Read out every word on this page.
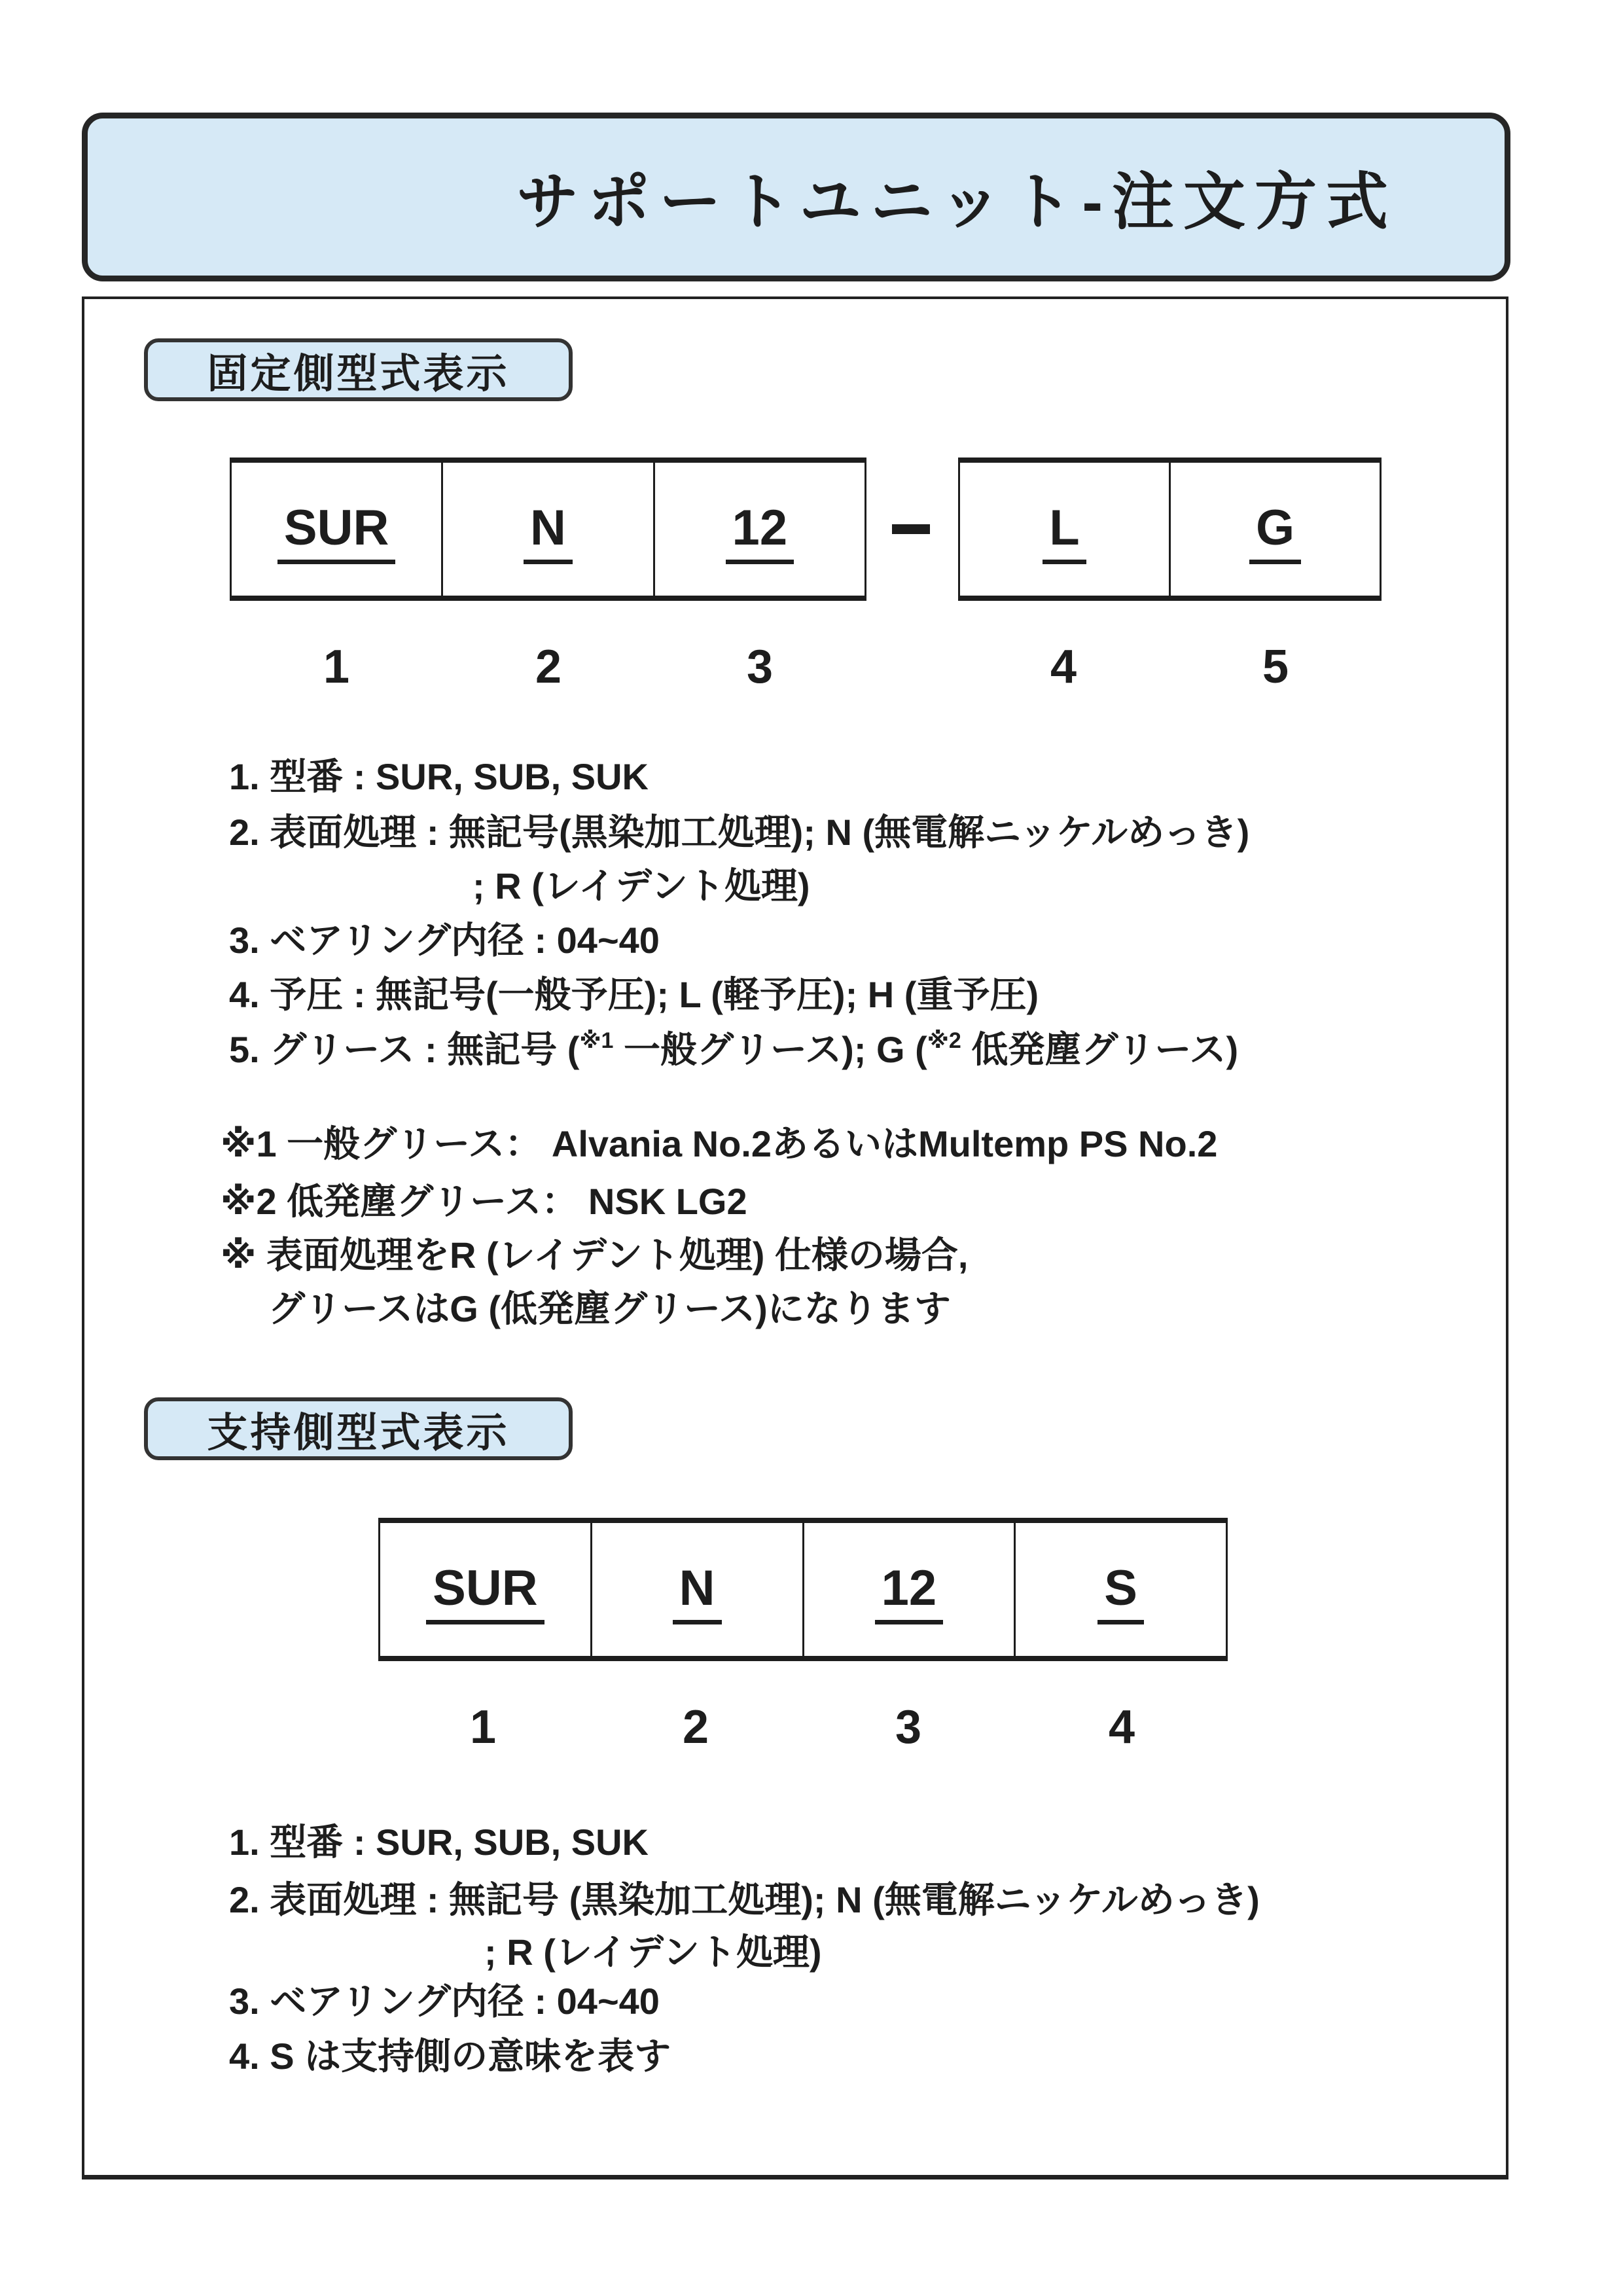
サポートユニット-注文方式
固定側型式表示
SUR	N	12	L	G
1	2	3	4	5
1. 型番 : SUR, SUB, SUK
2. 表面処理 : 無記号(黒染加工処理); N (無電解ニッケルめっき)
; R (レイデント処理)
3. ベアリング内径 : 04~40
4. 予圧 : 無記号(一般予圧); L (軽予圧); H (重予圧)
5. グリース : 無記号 ($^{※1}$ 一般グリース); G ($^{※2}$ 低発塵グリース)
※1 一般グリース： Alvania No.2あるいはMultemp PS No.2
※2 低発塵グリース： NSK LG2
※ 表面処理をR (レイデント処理) 仕様の場合,
グリースはG (低発塵グリース)になります
支持側型式表示
SUR	N	12	S
1	2	3	4
1. 型番 : SUR, SUB, SUK
2. 表面処理 : 無記号 (黒染加工処理); N (無電解ニッケルめっき)
; R (レイデント処理)
3. ベアリング内径 : 04~40
4. S は支持側の意味を表す
